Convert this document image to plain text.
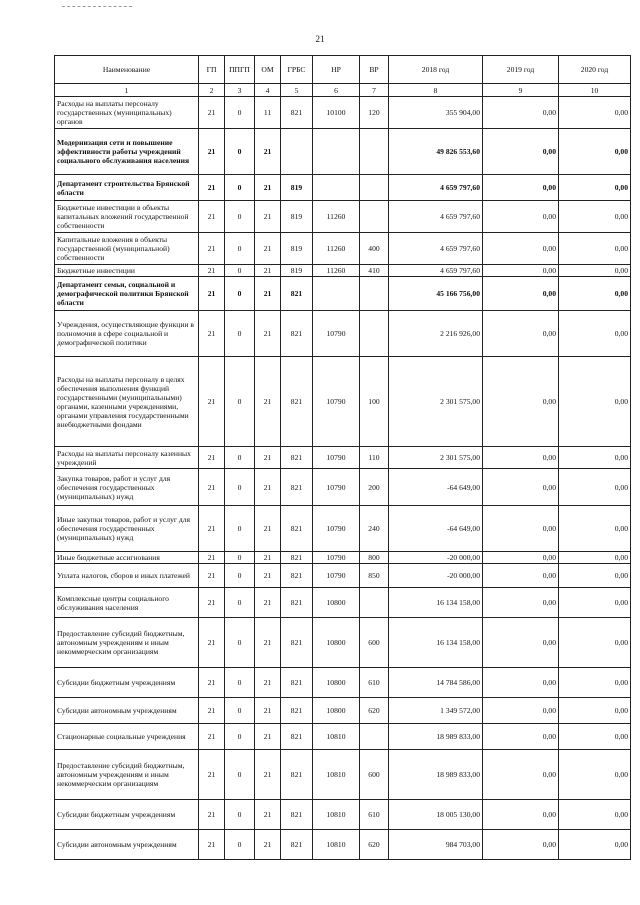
21
Наименование	ГП	ППГП	ОМ	ГРБС	НР	ВР	2018 год	2019 год	2020 год
1	2	3	4	5	6	7	8	9	10
Расходы на выплаты персоналу государственных (муниципальных) органов	21	0	11	821	10100	120	355 904,00	0,00	0,00
Модернизация сети и повышение эффективности работы учреждений социального обслуживания населения	21	0	21				49 826 553,60	0,00	0,00
Департамент строительства Брянской области	21	0	21	819			4 659 797,60	0,00	0,00
Бюджетные инвестиции в объекты капитальных вложений государственной собственности	21	0	21	819	11260		4 659 797,60	0,00	0,00
Капитальные вложения в объекты государственной (муниципальной) собственности	21	0	21	819	11260	400	4 659 797,60	0,00	0,00
Бюджетные инвестиции	21	0	21	819	11260	410	4 659 797,60	0,00	0,00
Департамент семьи, социальной и демографической политики Брянской области	21	0	21	821			45 166 756,00	0,00	0,00
Учреждения, осуществляющие функции в полномочия в сфере социальной и демографической политики	21	0	21	821	10790		2 216 926,00	0,00	0,00
Расходы на выплаты персоналу в целях обеспечения выполнения функций государственными (муниципальными) органами, казенными учреждениями, органами управления государственными внебюджетными фондами	21	0	21	821	10790	100	2 301 575,00	0,00	0,00
Расходы на выплаты персоналу казенных учреждений	21	0	21	821	10790	110	2 301 575,00	0,00	0,00
Закупка товаров, работ и услуг для обеспечения государственных (муниципальных) нужд	21	0	21	821	10790	200	-64 649,00	0,00	0,00
Иные закупки товаров, работ и услуг для обеспечения государственных (муниципальных) нужд	21	0	21	821	10790	240	-64 649,00	0,00	0,00
Иные бюджетные ассигнования	21	0	21	821	10790	800	-20 000,00	0,00	0,00
Уплата налогов, сборов и иных платежей	21	0	21	821	10790	850	-20 000,00	0,00	0,00
Комплексные центры социального обслуживания населения	21	0	21	821	10800		16 134 158,00	0,00	0,00
Предоставление субсидий бюджетным, автономным учреждениям и иным некоммерческим организациям	21	0	21	821	10800	600	16 134 158,00	0,00	0,00
Субсидии бюджетным учреждениям	21	0	21	821	10800	610	14 784 586,00	0,00	0,00
Субсидии автономным учреждениям	21	0	21	821	10800	620	1 349 572,00	0,00	0,00
Стационарные социальные учреждения	21	0	21	821	10810		18 989 833,00	0,00	0,00
Предоставление субсидий бюджетным, автономным учреждениям и иным некоммерческим организациям	21	0	21	821	10810	600	18 989 833,00	0,00	0,00
Субсидии бюджетным учреждениям	21	0	21	821	10810	610	18 005 130,00	0,00	0,00
Субсидии автономным учреждениям	21	0	21	821	10810	620	984 703,00	0,00	0,00
